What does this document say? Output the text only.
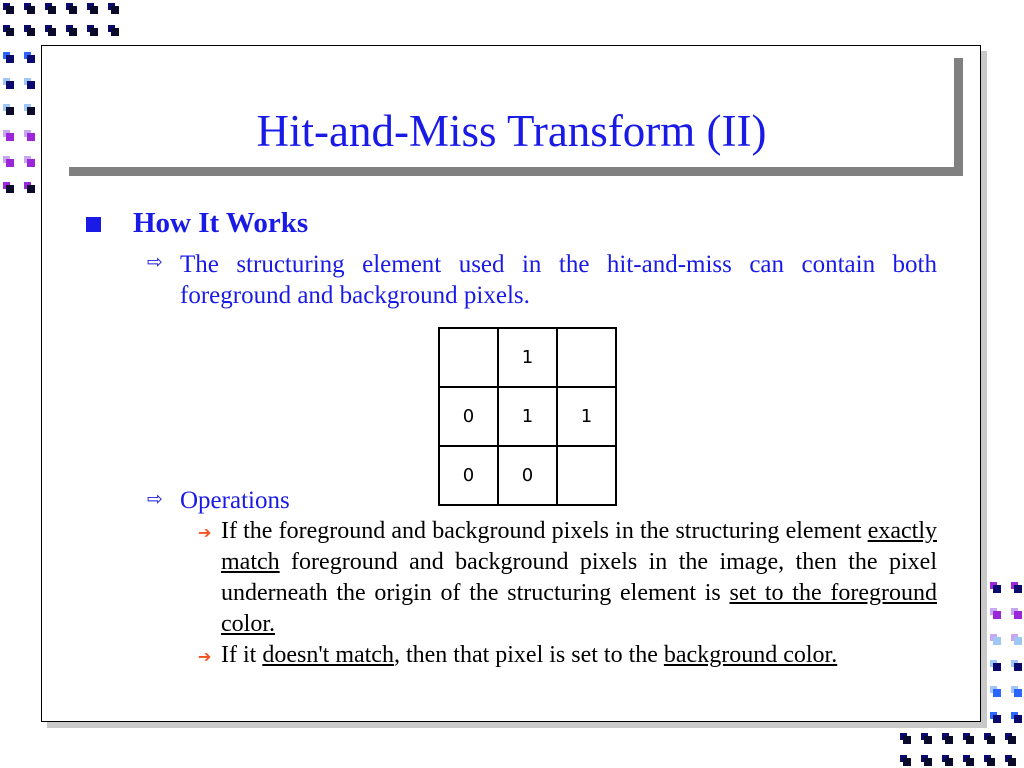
Hit-and-Miss Transform (II)
How It Works
⇨ The structuring element used in the hit-and-miss can contain both foreground and background pixels.

	1	
0	1	1
0	0	
⇨ Operations
➔ If the foreground and background pixels in the structuring element exactly match foreground and background pixels in the image, then the pixel underneath the origin of the structuring element is set to the foreground color.

➔ If it doesn't match, then that pixel is set to the background color.
